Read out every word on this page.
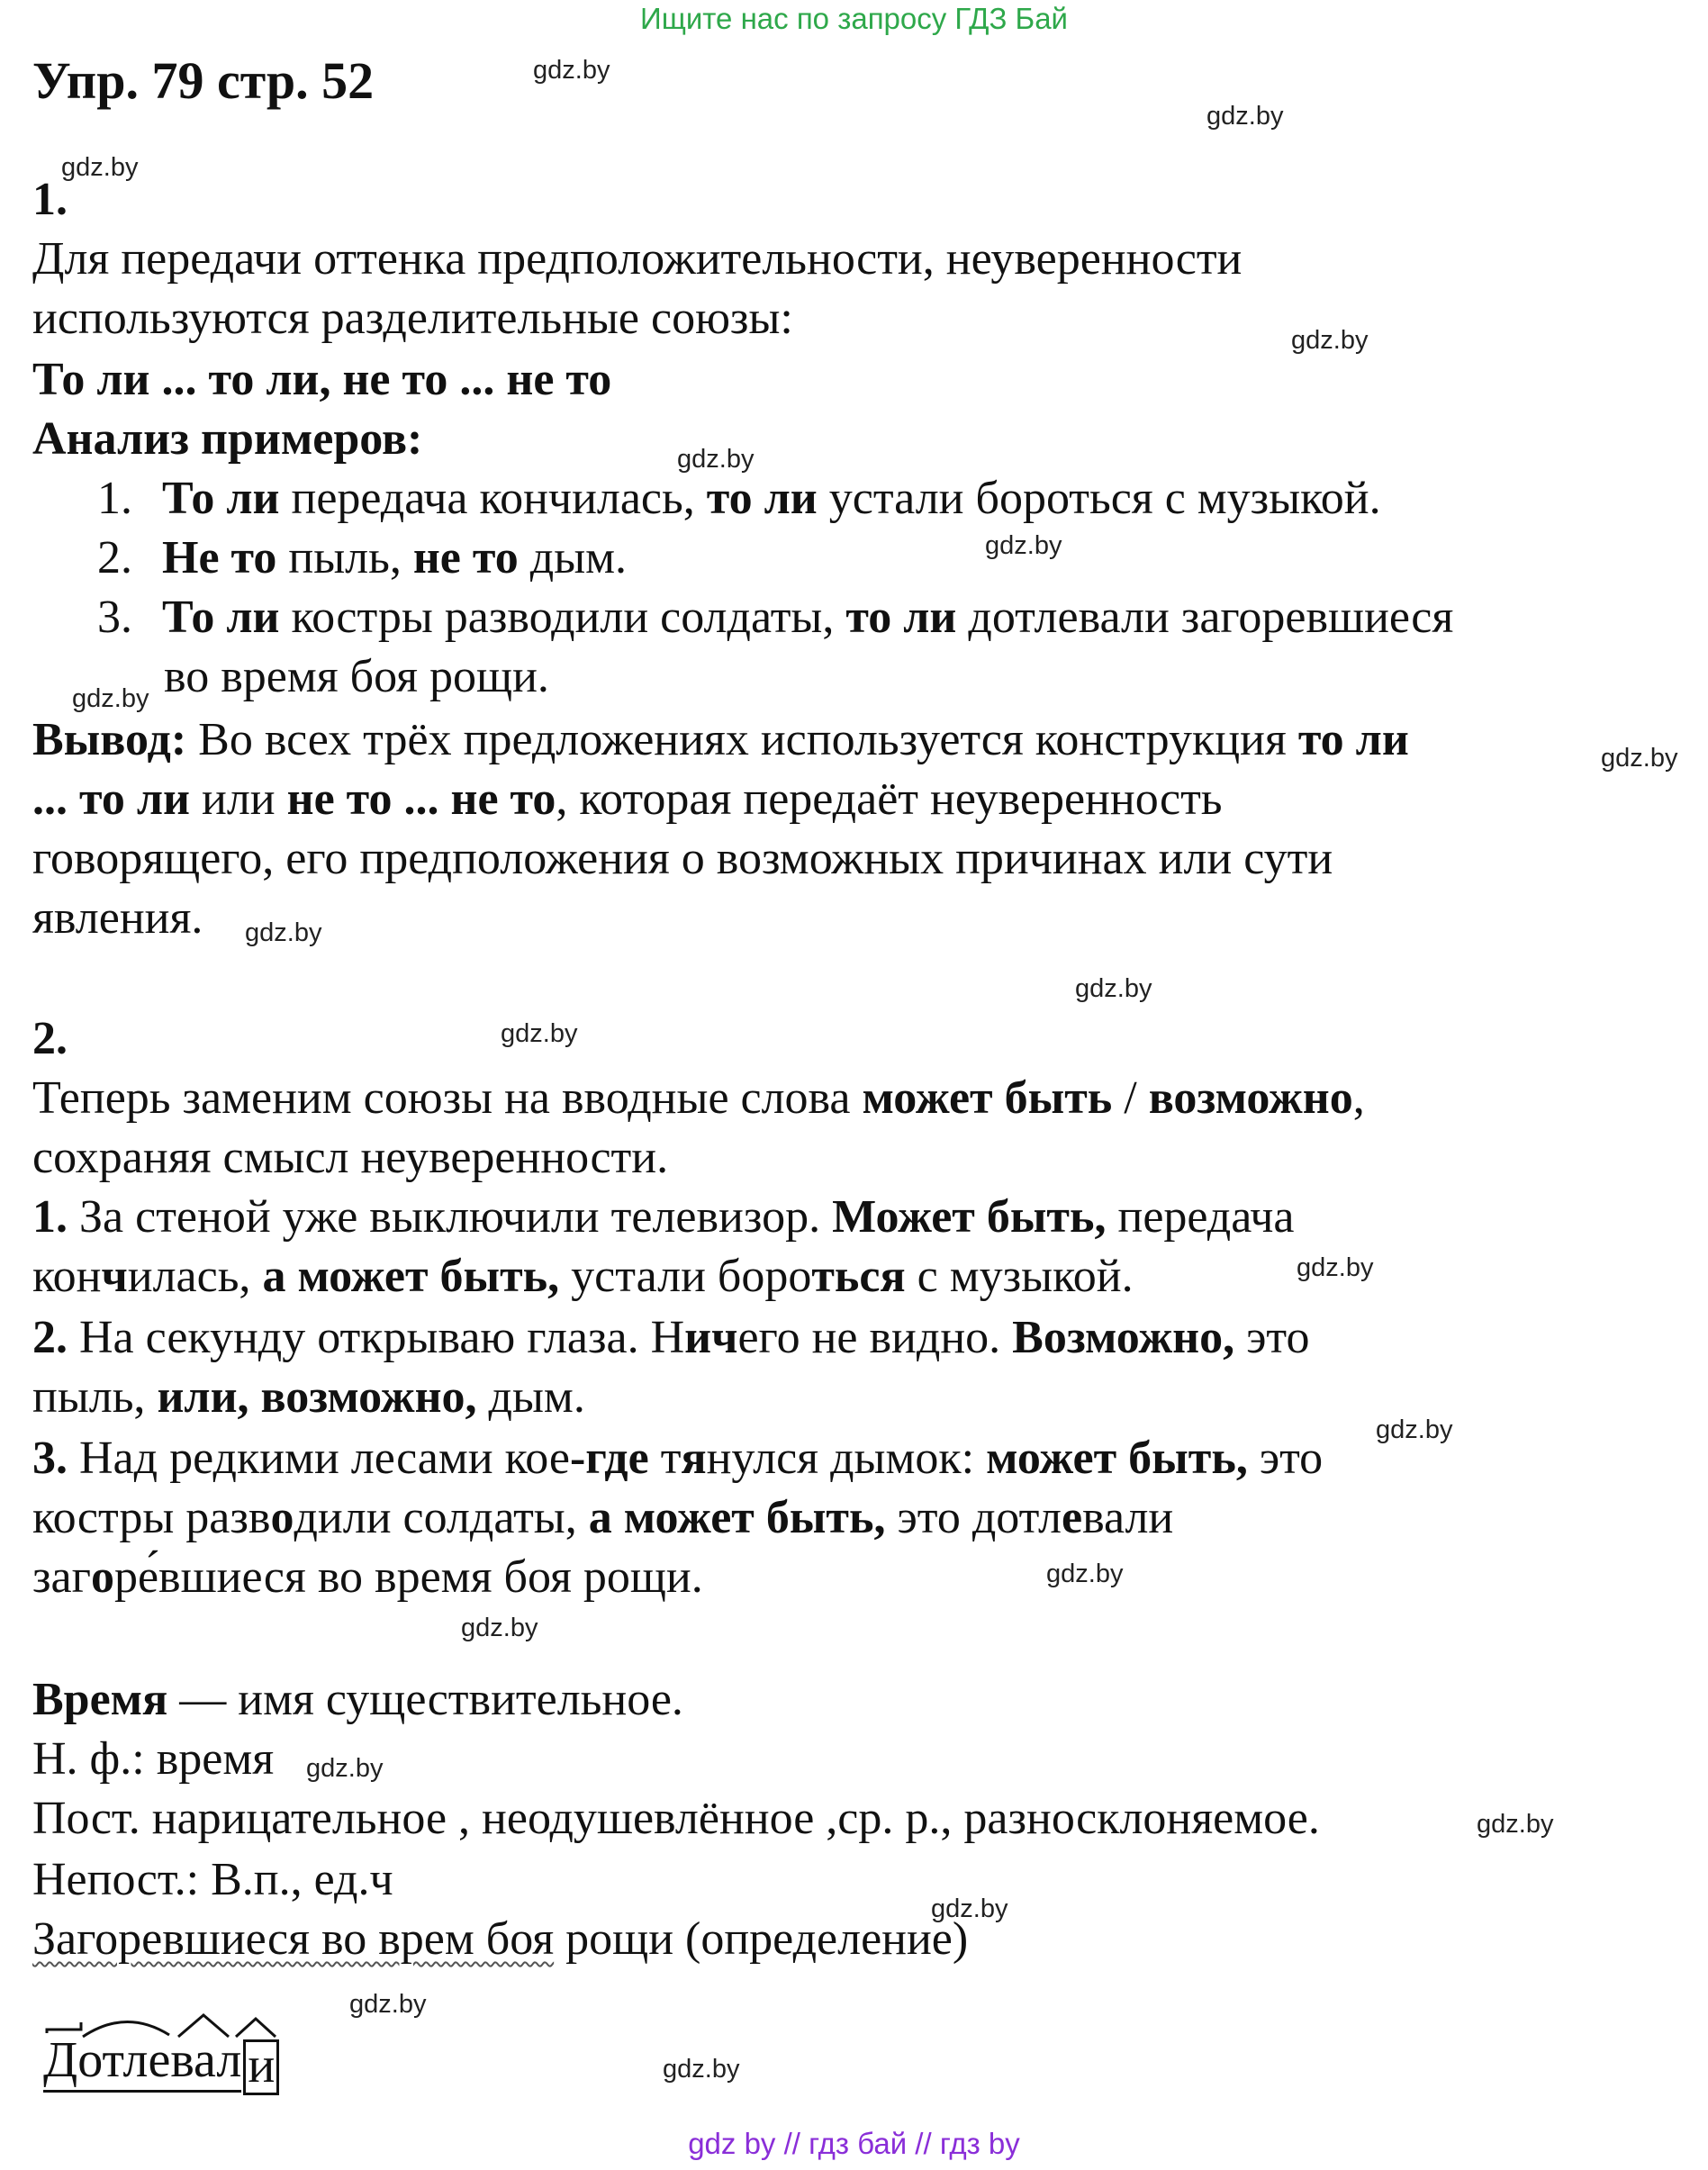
Ищите нас по запросу ГДЗ Бай
Упр. 79 стр. 52	gdz.by
gdz.by
gdz.by
gdz.by
gdz.by
gdz.by
gdz.by
gdz.by
gdz.by
gdz.by
gdz.by
gdz.by
gdz.by
gdz.by
gdz.by
gdz.by
gdz.by
gdz.by
gdz.by
gdz.by
1.
Для передачи оттенка предположительности, неуверенности
используются разделительные союзы:
То ли ... то ли, не то ... не то
Анализ примеров:
1. То ли передача кончилась, то ли устали бороться с музыкой.
2. Не то пыль, не то дым.
3. То ли костры разводили солдаты, то ли дотлевали загоревшиеся
во время боя рощи.
Вывод: Во всех трёх предложениях используется конструкция то ли
... то ли или не то ... не то, которая передаёт неуверенность
говорящего, его предположения о возможных причинах или сути
явления.
2.
Теперь заменим союзы на вводные слова может быть / возможно,
сохраняя смысл неуверенности.
1. За стеной уже выключили телевизор. Может быть, передача
кончилась, а может быть, устали бороться с музыкой.
2. На секунду открываю глаза. Ничего не видно. Возможно, это
пыль, или, возможно, дым.
3. Над редкими лесами кое-где тянулся дымок: может быть, это
костры разводили солдаты, а может быть, это дотлевали
загоре́вшиеся во время боя рощи.
Время — имя существительное.
Н. ф.: время
Пост. нарицательное , неодушевлённое ,ср. р., разносклоняемое.
Непост.: В.п., ед.ч
Загоревшиеся во врем боя рощи (определение)
Дотлевал и
gdz by // гдз бай // гдз by
